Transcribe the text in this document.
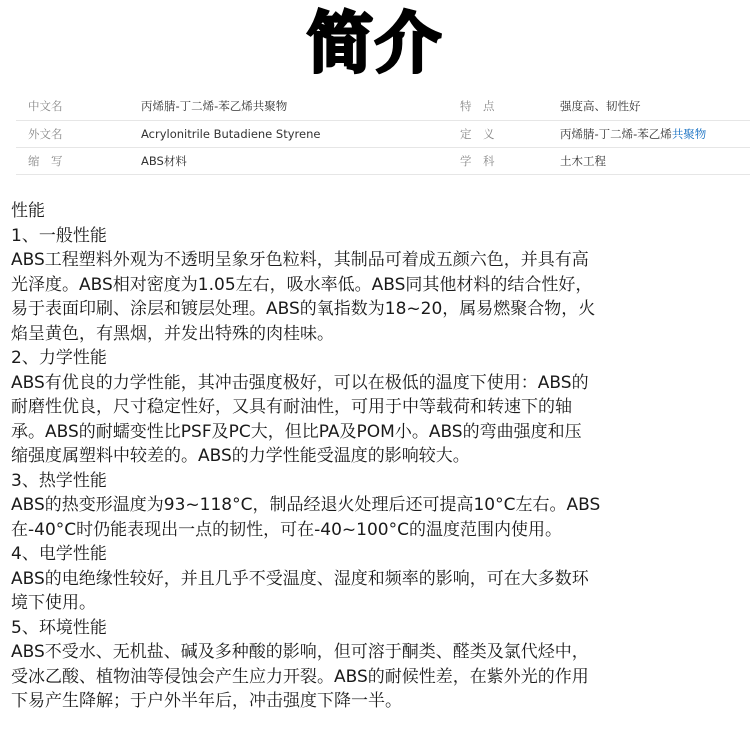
简介
中文名	丙烯腈-丁二烯-苯乙烯共聚物	特　点	强度高、韧性好
外文名	Acrylonitrile Butadiene Styrene	定　义	丙烯腈-丁二烯-苯乙烯共聚物
缩　写	ABS材料	学　科	土木工程
性能
1、一般性能
ABS工程塑料外观为不透明呈象牙色粒料，其制品可着成五颜六色，并具有高
光泽度。ABS相对密度为1.05左右，吸水率低。ABS同其他材料的结合性好，
易于表面印刷、涂层和镀层处理。ABS的氧指数为18~20，属易燃聚合物，火
焰呈黄色，有黑烟，并发出特殊的肉桂味。
2、力学性能
ABS有优良的力学性能，其冲击强度极好，可以在极低的温度下使用：ABS的
耐磨性优良，尺寸稳定性好，又具有耐油性，可用于中等载荷和转速下的轴
承。ABS的耐蠕变性比PSF及PC大，但比PA及POM小。ABS的弯曲强度和压
缩强度属塑料中较差的。ABS的力学性能受温度的影响较大。
3、热学性能
ABS的热变形温度为93~118°C，制品经退火处理后还可提高10°C左右。ABS
在-40°C时仍能表现出一点的韧性，可在-40~100°C的温度范围内使用。
4、电学性能
ABS的电绝缘性较好，并且几乎不受温度、湿度和频率的影响，可在大多数环
境下使用。
5、环境性能
ABS不受水、无机盐、碱及多种酸的影响，但可溶于酮类、醛类及氯代烃中，
受冰乙酸、植物油等侵蚀会产生应力开裂。ABS的耐候性差，在紫外光的作用
下易产生降解；于户外半年后，冲击强度下降一半。
